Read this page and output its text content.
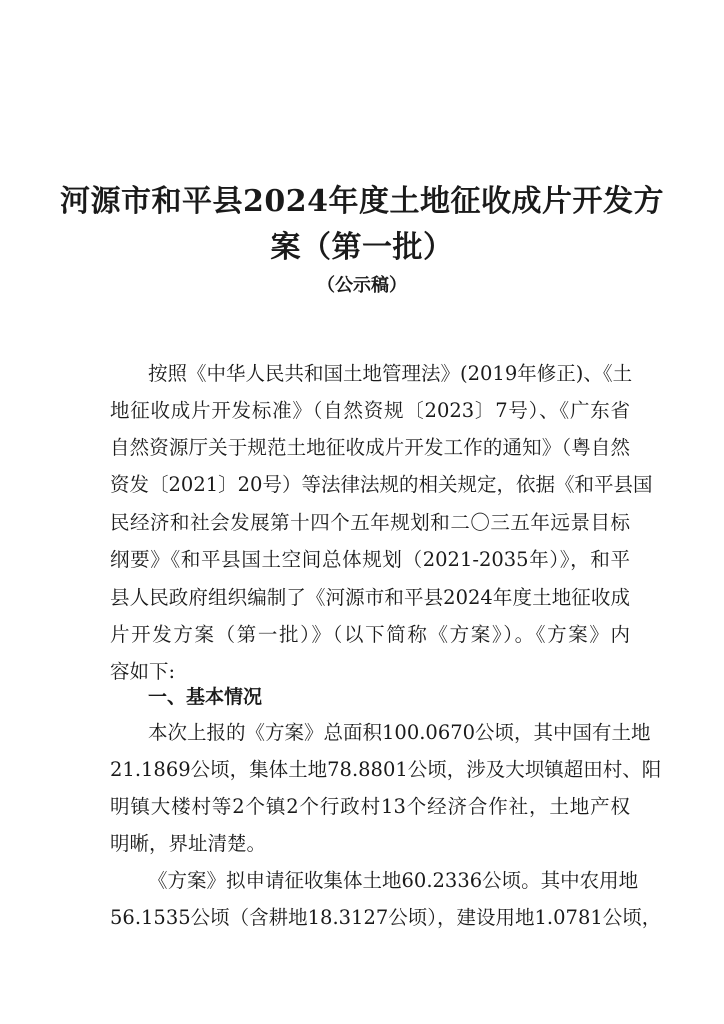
河源市和平县2024年度土地征收成片开发方
案（第一批）

（公示稿）

按照《中华人民共和国土地管理法》(2019年修正)、《土

地征收成片开发标准》（自然资规〔2023〕7号）、《广东省

自然资源厅关于规范土地征收成片开发工作的通知》（粤自然

资发〔2021〕20号）等法律法规的相关规定，依据《和平县国

民经济和社会发展第十四个五年规划和二〇三五年远景目标

纲要》《和平县国土空间总体规划（2021-2035年）》，和平

县人民政府组织编制了《河源市和平县2024年度土地征收成

片开发方案（第一批）》（以下简称《方案》）。《方案》内

容如下:

一、基本情况

本次上报的《方案》总面积100.0670公顷，其中国有土地

21.1869公顷，集体土地78.8801公顷，涉及大坝镇超田村、阳

明镇大楼村等2个镇2个行政村13个经济合作社，土地产权

明晰，界址清楚。

《方案》拟申请征收集体土地60.2336公顷。其中农用地

56.1535公顷（含耕地18.3127公顷），建设用地1.0781公顷，
